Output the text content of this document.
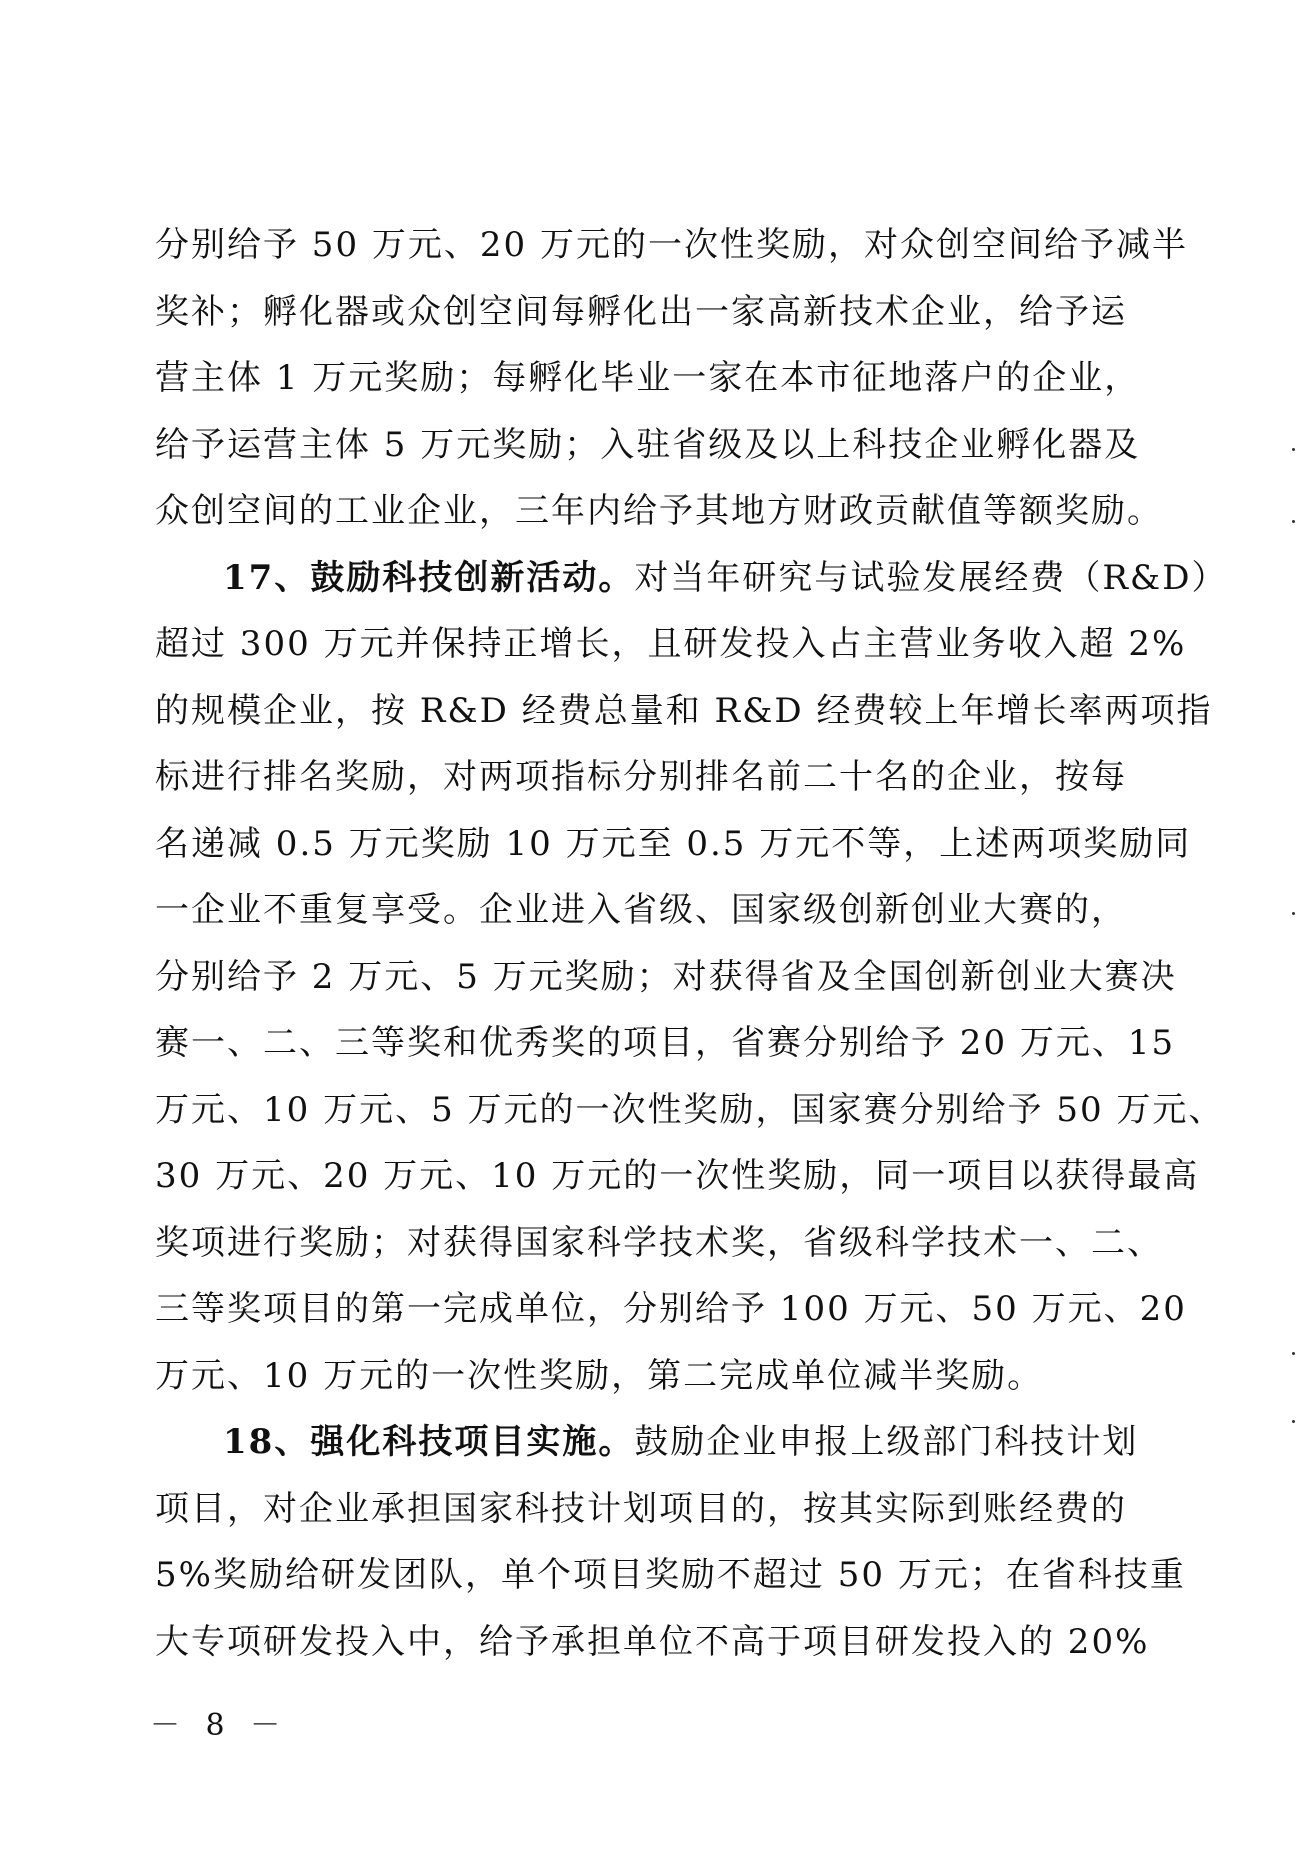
分别给予 50 万元、20 万元的一次性奖励，对众创空间给予减半
奖补；孵化器或众创空间每孵化出一家高新技术企业，给予运
营主体 1 万元奖励；每孵化毕业一家在本市征地落户的企业，
给予运营主体 5 万元奖励；入驻省级及以上科技企业孵化器及
众创空间的工业企业，三年内给予其地方财政贡献值等额奖励。
17、鼓励科技创新活动。对当年研究与试验发展经费（R&D）
超过 300 万元并保持正增长，且研发投入占主营业务收入超 2%
的规模企业，按 R&D 经费总量和 R&D 经费较上年增长率两项指
标进行排名奖励，对两项指标分别排名前二十名的企业，按每
名递减 0.5 万元奖励 10 万元至 0.5 万元不等，上述两项奖励同
一企业不重复享受。企业进入省级、国家级创新创业大赛的，
分别给予 2 万元、5 万元奖励；对获得省及全国创新创业大赛决
赛一、二、三等奖和优秀奖的项目，省赛分别给予 20 万元、15
万元、10 万元、5 万元的一次性奖励，国家赛分别给予 50 万元、
30 万元、20 万元、10 万元的一次性奖励，同一项目以获得最高
奖项进行奖励；对获得国家科学技术奖，省级科学技术一、二、
三等奖项目的第一完成单位，分别给予 100 万元、50 万元、20
万元、10 万元的一次性奖励，第二完成单位减半奖励。
18、强化科技项目实施。鼓励企业申报上级部门科技计划
项目，对企业承担国家科技计划项目的，按其实际到账经费的
5%奖励给研发团队，单个项目奖励不超过 50 万元；在省科技重
大专项研发投入中，给予承担单位不高于项目研发投入的 20%
－ 8 －
